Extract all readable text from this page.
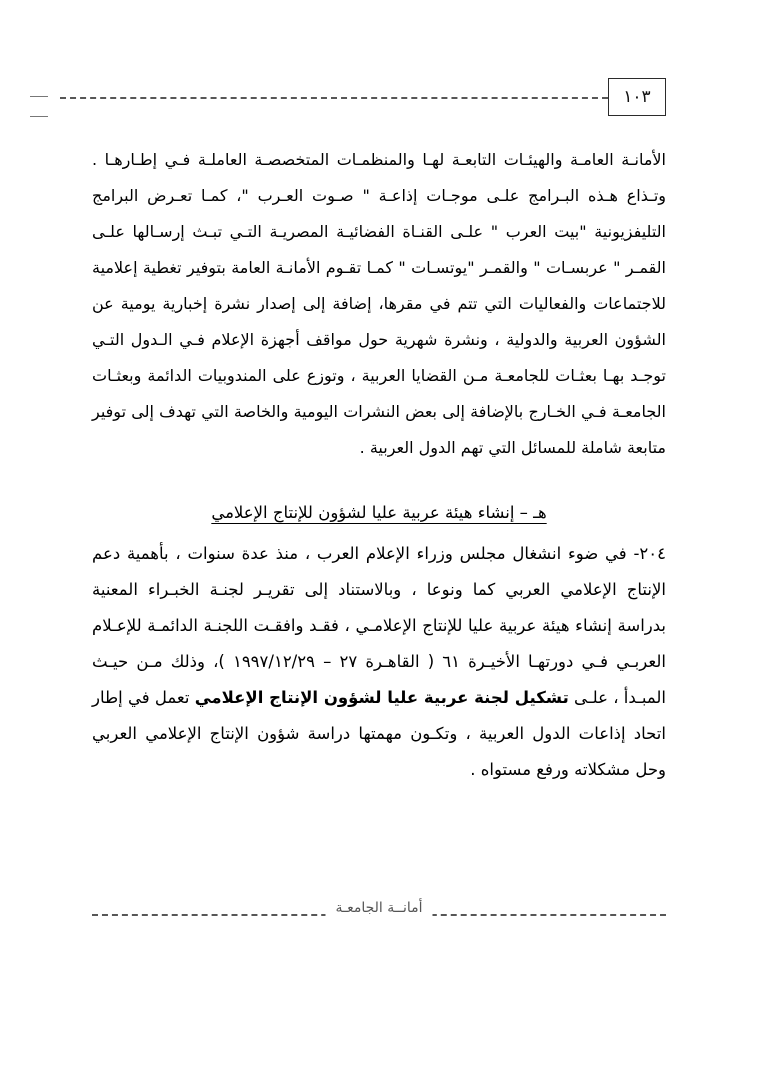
١٠٣

الأمانـة العامـة والهيئـات التابعـة لهـا والمنظمـات المتخصصـة العاملـة فـي إطـارهـا . وتـذاع هـذه البـرامج علـى موجـات إذاعـة " صـوت العـرب "، كمـا تعـرض البرامج التليفزيونية "بيت العرب " علـى القنـاة الفضائيـة المصريـة التـي تبـث إرسـالها علـى القمـر " عربسـات " والقمـر "يوتسـات " كمـا تقـوم الأمانـة العامة بتوفير تغطية إعلامية للاجتماعات والفعاليات التي تتم في مقرها، إضافة إلى إصدار نشرة إخبارية يومية عن الشؤون العربية والدولية ، ونشرة شهرية حول مواقف أجهزة الإعلام فـي الـدول التـي توجـد بهـا بعثـات للجامعـة مـن القضايا العربية ، وتوزع على المندوبيات الدائمة وبعثـات الجامعـة فـي الخـارج بالإضافة إلى بعض النشرات اليومية والخاصة التي تهدف إلى توفير متابعة شاملة للمسائل التي تهم الدول العربية .

هـ – إنشاء هيئة عربية عليا لشؤون للإنتاج الإعلامي

٢٠٤- في ضوء انشغال مجلس وزراء الإعلام العرب ، منذ عدة سنوات ، بأهمية دعم الإنتاج الإعلامي العربي كما ونوعا ، وبالاستناد إلى تقريـر لجنـة الخبـراء المعنية بدراسة إنشاء هيئة عربية عليا للإنتاج الإعلامـي ، فقـد وافقـت اللجنـة الدائمـة للإعـلام العربـي فـي دورتهـا الأخيـرة ٦١ ( القاهـرة ٢٧ – ١٩٩٧/١٢/٢٩ )، وذلك مـن حيـث المبـدأ ، علـى تشكيل لجنة عربية عليا لشؤون الإنتاج الإعلامي تعمل في إطار اتحاد إذاعات الدول العربية ، وتكـون مهمتها دراسة شؤون الإنتاج الإعلامي العربي وحل مشكلاته ورفع مستواه .

أمانــة الجامعـة
